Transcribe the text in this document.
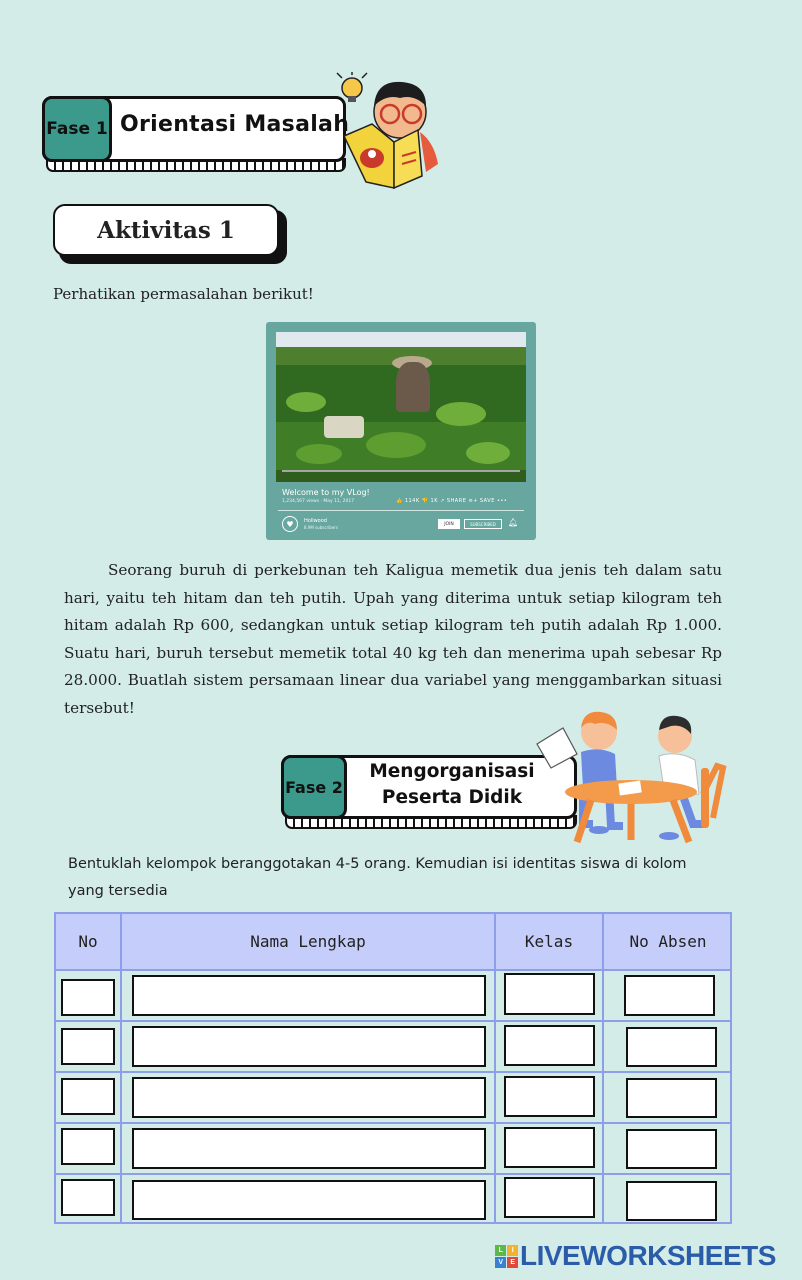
Fase 1 Orientasi Masalah
Aktivitas 1
Perhatikan permasalahan berikut!
Welcome to my VLog!
1,234,567 views · May 11, 2017	👍 114K 👎 1K ↗ SHARE ≡+ SAVE •••
♥	Hollwood
8.9M subscribers
JOIN	SUBSCRIBED	🔔︎
Seorang buruh di perkebunan teh Kaligua memetik dua jenis teh dalam satu hari, yaitu teh hitam dan teh putih. Upah yang diterima untuk setiap kilogram teh hitam adalah Rp 600, sedangkan untuk setiap kilogram teh putih adalah Rp 1.000. Suatu hari, buruh tersebut memetik total 40 kg teh dan menerima upah sebesar Rp 28.000. Buatlah sistem persamaan linear dua variabel yang menggambarkan situasi tersebut!
Fase 2
Mengorganisasi
Peserta Didik
Bentuklah kelompok beranggotakan 4-5 orang. Kemudian isi identitas siswa di kolom yang tersedia
No	Nama Lengkap	Kelas	No Absen
L	I
V	E LIVEWORKSHEETS
